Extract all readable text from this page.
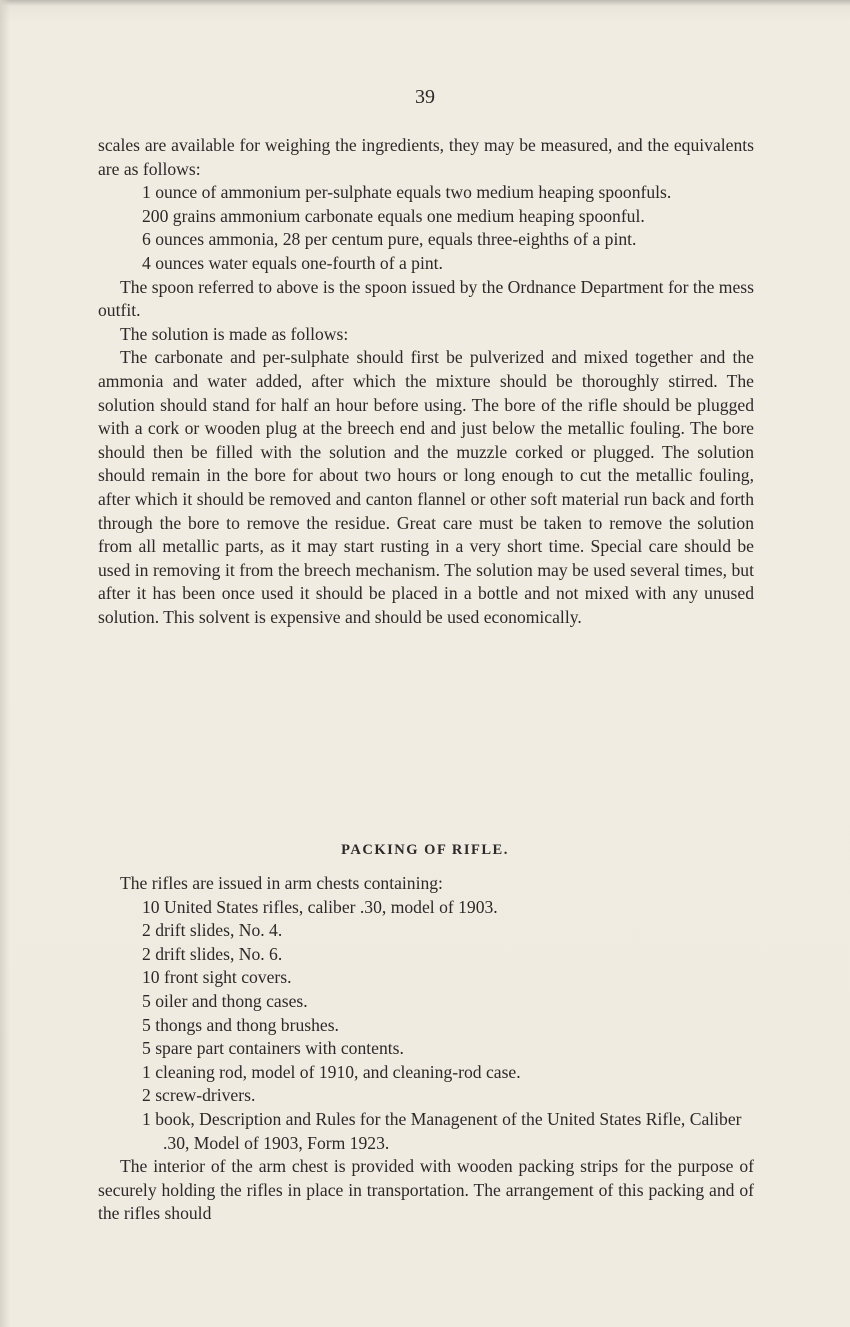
39

scales are available for weighing the ingredients, they may be measured, and the equivalents are as follows:

1 ounce of ammonium per-sulphate equals two medium heaping spoonfuls.

200 grains ammonium carbonate equals one medium heaping spoonful.

6 ounces ammonia, 28 per centum pure, equals three-eighths of a pint.

4 ounces water equals one-fourth of a pint.

The spoon referred to above is the spoon issued by the Ordnance Department for the mess outfit.

The solution is made as follows:

The carbonate and per-sulphate should first be pulverized and mixed together and the ammonia and water added, after which the mixture should be thoroughly stirred. The solution should stand for half an hour before using. The bore of the rifle should be plugged with a cork or wooden plug at the breech end and just below the metallic fouling. The bore should then be filled with the solution and the muzzle corked or plugged. The solution should remain in the bore for about two hours or long enough to cut the metallic fouling, after which it should be removed and canton flannel or other soft material run back and forth through the bore to remove the residue. Great care must be taken to remove the solution from all metallic parts, as it may start rusting in a very short time. Special care should be used in removing it from the breech mechanism. The solution may be used several times, but after it has been once used it should be placed in a bottle and not mixed with any unused solution. This solvent is expensive and should be used economically.

PACKING OF RIFLE.

The rifles are issued in arm chests containing:

10 United States rifles, caliber .30, model of 1903.

2 drift slides, No. 4.

2 drift slides, No. 6.

10 front sight covers.

5 oiler and thong cases.

5 thongs and thong brushes.

5 spare part containers with contents.

1 cleaning rod, model of 1910, and cleaning-rod case.

2 screw-drivers.

1 book, Description and Rules for the Managenent of the United States Rifle, Caliber .30, Model of 1903, Form 1923.

The interior of the arm chest is provided with wooden packing strips for the purpose of securely holding the rifles in place in transportation. The arrangement of this packing and of the rifles should
